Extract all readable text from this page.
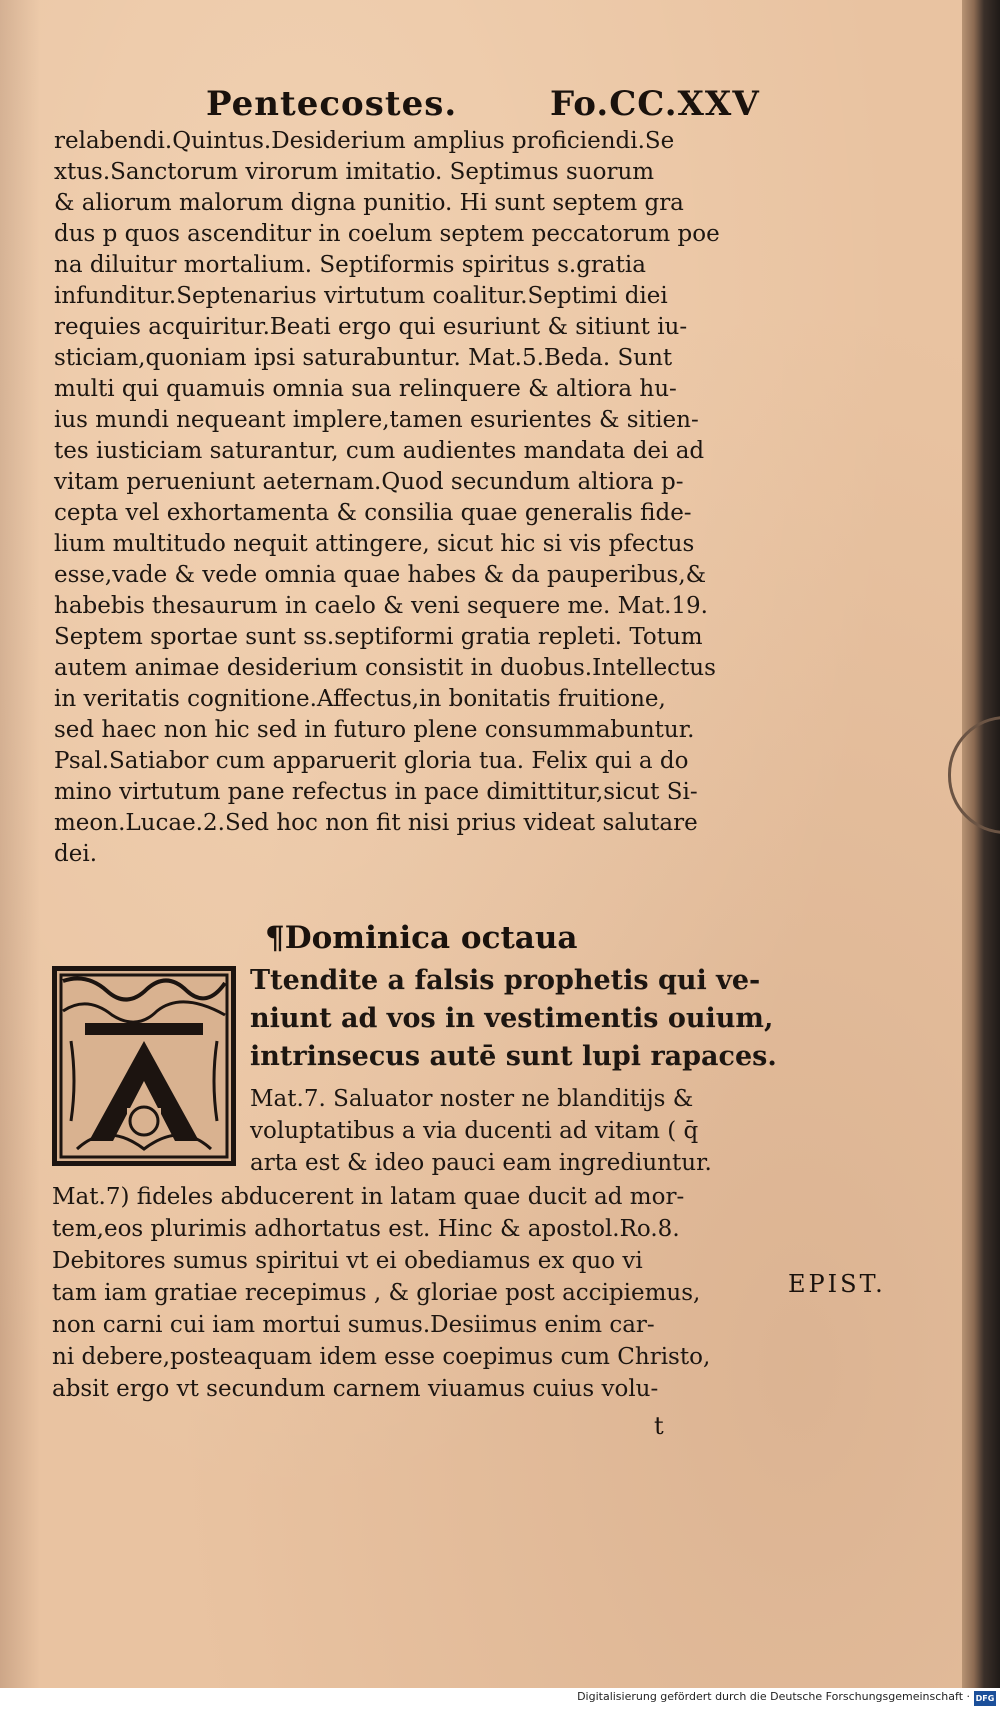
Pentecostes.	Fo.CC.XXV
relabendi.Quintus.Desiderium amplius proficiendi.Se
xtus.Sanctorum virorum imitatio. Septimus suorum
& aliorum malorum digna punitio. Hi sunt septem gra
dus p quos ascenditur in coelum septem peccatorum poe
na diluitur mortalium. Septiformis spiritus s.gratia
infunditur.Septenarius virtutum coalitur.Septimi diei
requies acquiritur.Beati ergo qui esuriunt & sitiunt iu-
sticiam,quoniam ipsi saturabuntur. Mat.5.Beda. Sunt
multi qui quamuis omnia sua relinquere & altiora hu-
ius mundi nequeant implere,tamen esurientes & sitien-
tes iusticiam saturantur, cum audientes mandata dei ad
vitam perueniunt aeternam.Quod secundum altiora p-
cepta vel exhortamenta & consilia quae generalis fide-
lium multitudo nequit attingere, sicut hic si vis pfectus
esse,vade & vede omnia quae habes & da pauperibus,&
habebis thesaurum in caelo & veni sequere me. Mat.19.
Septem sportae sunt ss.septiformi gratia repleti. Totum
autem animae desiderium consistit in duobus.Intellectus
in veritatis cognitione.Affectus,in bonitatis fruitione,
sed haec non hic sed in futuro plene consummabuntur.
Psal.Satiabor cum apparuerit gloria tua. Felix qui a do
mino virtutum pane refectus in pace dimittitur,sicut Si-
meon.Lucae.2.Sed hoc non fit nisi prius videat salutare
dei.
¶Dominica octaua
Ttendite a falsis prophetis qui ve-
niunt ad vos in vestimentis ouium,
intrinsecus autē sunt lupi rapaces.
Mat.7. Saluator noster ne blanditijs &
voluptatibus a via ducenti ad vitam ( q̄
arta est & ideo pauci eam ingrediuntur.
Mat.7) fideles abducerent in latam quae ducit ad mor-
tem,eos plurimis adhortatus est. Hinc & apostol.Ro.8.
Debitores sumus spiritui vt ei obediamus ex quo vi
tam iam gratiae recepimus , & gloriae post accipiemus,
non carni cui iam mortui sumus.Desiimus enim car-
ni debere,posteaquam idem esse coepimus cum Christo,
absit ergo vt secundum carnem viuamus cuius volu-
EPIST.
t
Digitalisierung gefördert durch die Deutsche Forschungsgemeinschaft · DFG
